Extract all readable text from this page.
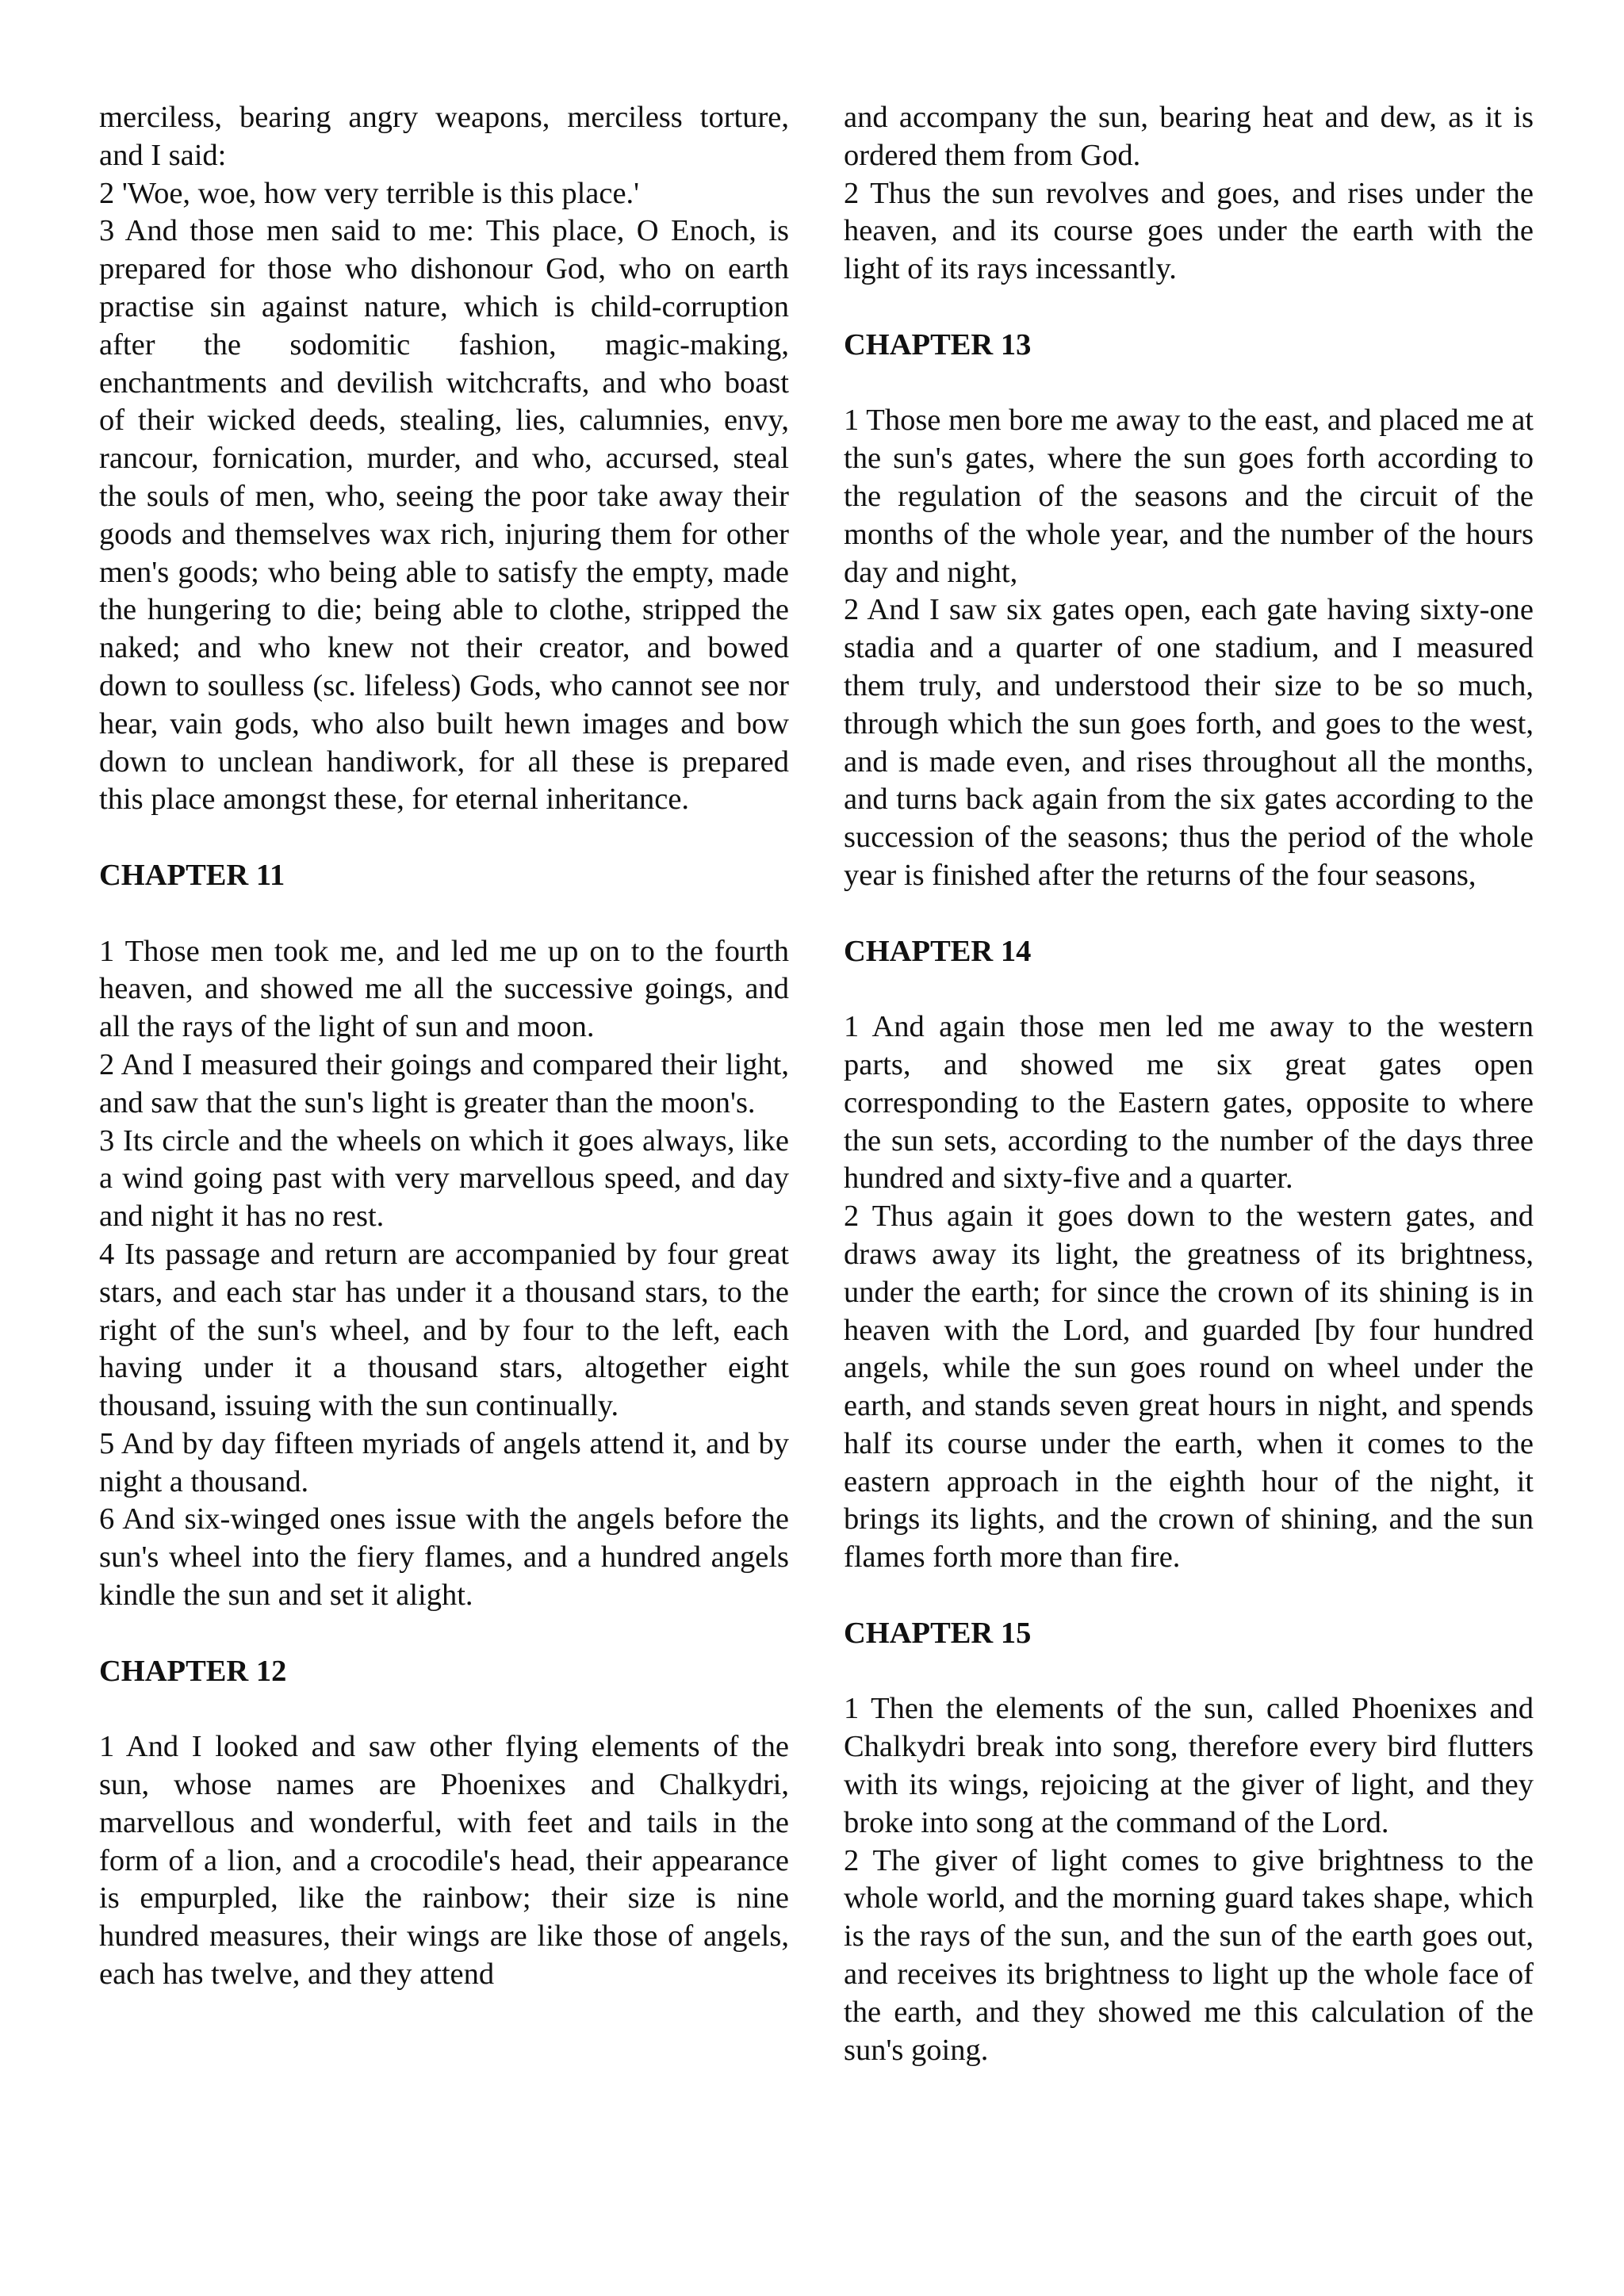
merciless, bearing angry weapons, merciless torture, and I said:

2 'Woe, woe, how very terrible is this place.'

3 And those men said to me: This place, O Enoch, is prepared for those who dishonour God, who on earth practise sin against nature, which is child-corruption after the sodomitic fashion, magic-making, enchantments and devilish witchcrafts, and who boast of their wicked deeds, stealing, lies, calumnies, envy, rancour, fornication, murder, and who, accursed, steal the souls of men, who, seeing the poor take away their goods and themselves wax rich, injuring them for other men's goods; who being able to satisfy the empty, made the hungering to die; being able to clothe, stripped the naked; and who knew not their creator, and bowed down to soulless (sc. lifeless) Gods, who cannot see nor hear, vain gods, who also built hewn images and bow down to unclean handiwork, for all these is prepared this place amongst these, for eternal inheritance.

CHAPTER 11

1 Those men took me, and led me up on to the fourth heaven, and showed me all the successive goings, and all the rays of the light of sun and moon.

2 And I measured their goings and compared their light, and saw that the sun's light is greater than the moon's.

3 Its circle and the wheels on which it goes always, like a wind going past with very marvellous speed, and day and night it has no rest.

4 Its passage and return are accompanied by four great stars, and each star has under it a thousand stars, to the right of the sun's wheel, and by four to the left, each having under it a thousand stars, altogether eight thousand, issuing with the sun continually.

5 And by day fifteen myriads of angels attend it, and by night a thousand.

6 And six-winged ones issue with the angels before the sun's wheel into the fiery flames, and a hundred angels kindle the sun and set it alight.

CHAPTER 12

1 And I looked and saw other flying elements of the sun, whose names are Phoenixes and Chalkydri, marvellous and wonderful, with feet and tails in the form of a lion, and a crocodile's head, their appearance is empurpled, like the rainbow; their size is nine hundred measures, their wings are like those of angels, each has twelve, and they attend

and accompany the sun, bearing heat and dew, as it is ordered them from God.

2 Thus the sun revolves and goes, and rises under the heaven, and its course goes under the earth with the light of its rays incessantly.

CHAPTER 13

1 Those men bore me away to the east, and placed me at the sun's gates, where the sun goes forth according to the regulation of the seasons and the circuit of the months of the whole year, and the number of the hours day and night,

2 And I saw six gates open, each gate having sixty-one stadia and a quarter of one stadium, and I measured them truly, and understood their size to be so much, through which the sun goes forth, and goes to the west, and is made even, and rises throughout all the months, and turns back again from the six gates according to the succession of the seasons; thus the period of the whole year is finished after the returns of the four seasons,

CHAPTER 14

1 And again those men led me away to the western parts, and showed me six great gates open corresponding to the Eastern gates, opposite to where the sun sets, according to the number of the days three hundred and sixty-five and a quarter.

2 Thus again it goes down to the western gates, and draws away its light, the greatness of its brightness, under the earth; for since the crown of its shining is in heaven with the Lord, and guarded [by four hundred angels, while the sun goes round on wheel under the earth, and stands seven great hours in night, and spends half its course under the earth, when it comes to the eastern approach in the eighth hour of the night, it brings its lights, and the crown of shining, and the sun flames forth more than fire.

CHAPTER 15

1 Then the elements of the sun, called Phoenixes and Chalkydri break into song, therefore every bird flutters with its wings, rejoicing at the giver of light, and they broke into song at the command of the Lord.

2 The giver of light comes to give brightness to the whole world, and the morning guard takes shape, which is the rays of the sun, and the sun of the earth goes out, and receives its brightness to light up the whole face of the earth, and they showed me this calculation of the sun's going.
